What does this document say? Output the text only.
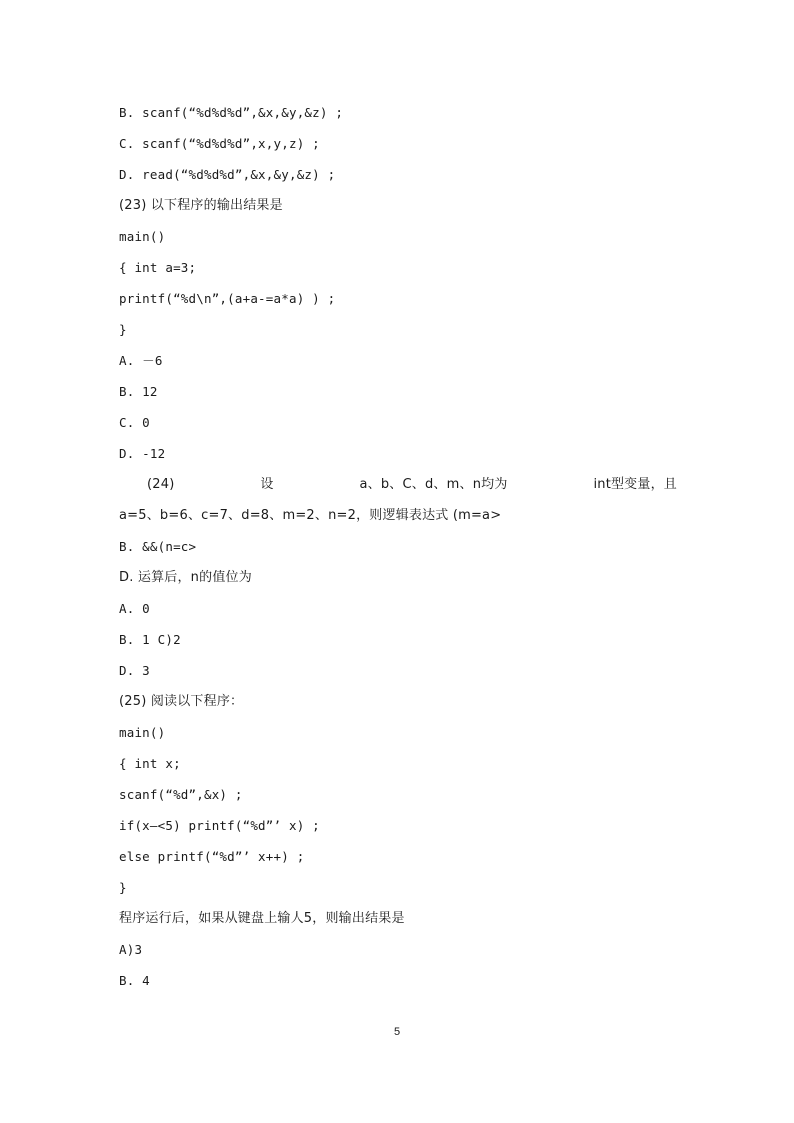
B. scanf(“%d%d%d”,&x,&y,&z) ;
C. scanf(“%d%d%d”,x,y,z) ;
D. read(“%d%d%d”,&x,&y,&z) ;
(23) 以下程序的输出结果是
main()
{ int a=3;
printf(“%d\n”,(a+a-=a*a) ) ;
}
A. －6
B. 12
C. 0
D. -12
(24)	设	a、b、C、d、m、n均为	int型变量，且
a=5、b=6、c=7、d=8、m=2、n=2，则逻辑表达式 (m=a>
B. &&(n=c>
D. 运算后，n的值位为
A. 0
B. 1 C)2
D. 3
(25) 阅读以下程序：
main()
{ int x;
scanf(“%d”,&x) ;
if(x—<5) printf(“%d”’ x) ;
else printf(“%d”’ x++) ;
}
程序运行后，如果从键盘上输人5，则输出结果是
A)3
B. 4
5
